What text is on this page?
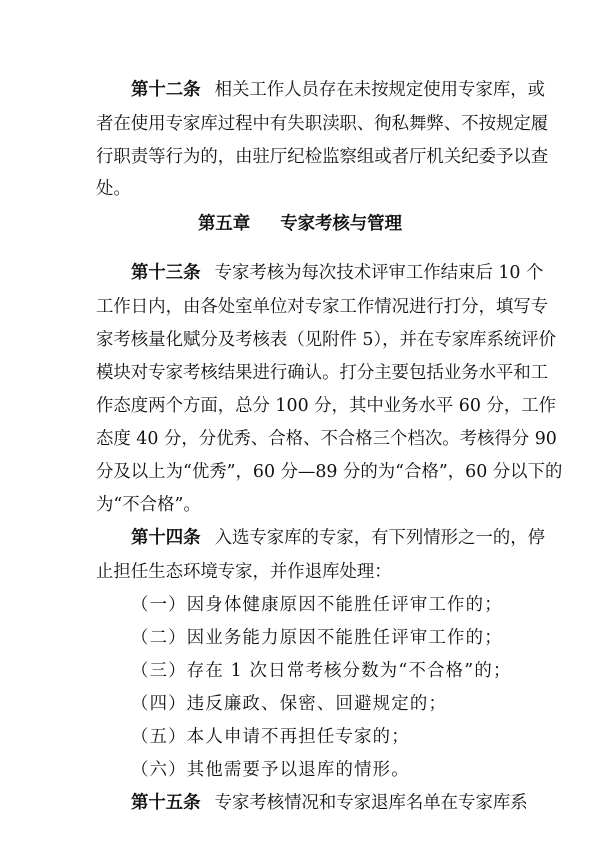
第十二条 相关工作人员存在未按规定使用专家库，或
者在使用专家库过程中有失职渎职、徇私舞弊、不按规定履
行职责等行为的，由驻厅纪检监察组或者厅机关纪委予以查
处。
第五章 专家考核与管理
第十三条 专家考核为每次技术评审工作结束后 10 个
工作日内，由各处室单位对专家工作情况进行打分，填写专
家考核量化赋分及考核表（见附件 5），并在专家库系统评价
模块对专家考核结果进行确认。打分主要包括业务水平和工
作态度两个方面，总分 100 分，其中业务水平 60 分，工作
态度 40 分，分优秀、合格、不合格三个档次。考核得分 90
分及以上为“优秀”，60 分—89 分的为“合格”，60 分以下的
为“不合格”。
第十四条 入选专家库的专家，有下列情形之一的，停
止担任生态环境专家，并作退库处理：
（一）因身体健康原因不能胜任评审工作的；
（二）因业务能力原因不能胜任评审工作的；
（三）存在 1 次日常考核分数为“不合格”的；
（四）违反廉政、保密、回避规定的；
（五）本人申请不再担任专家的；
（六）其他需要予以退库的情形。
第十五条 专家考核情况和专家退库名单在专家库系
